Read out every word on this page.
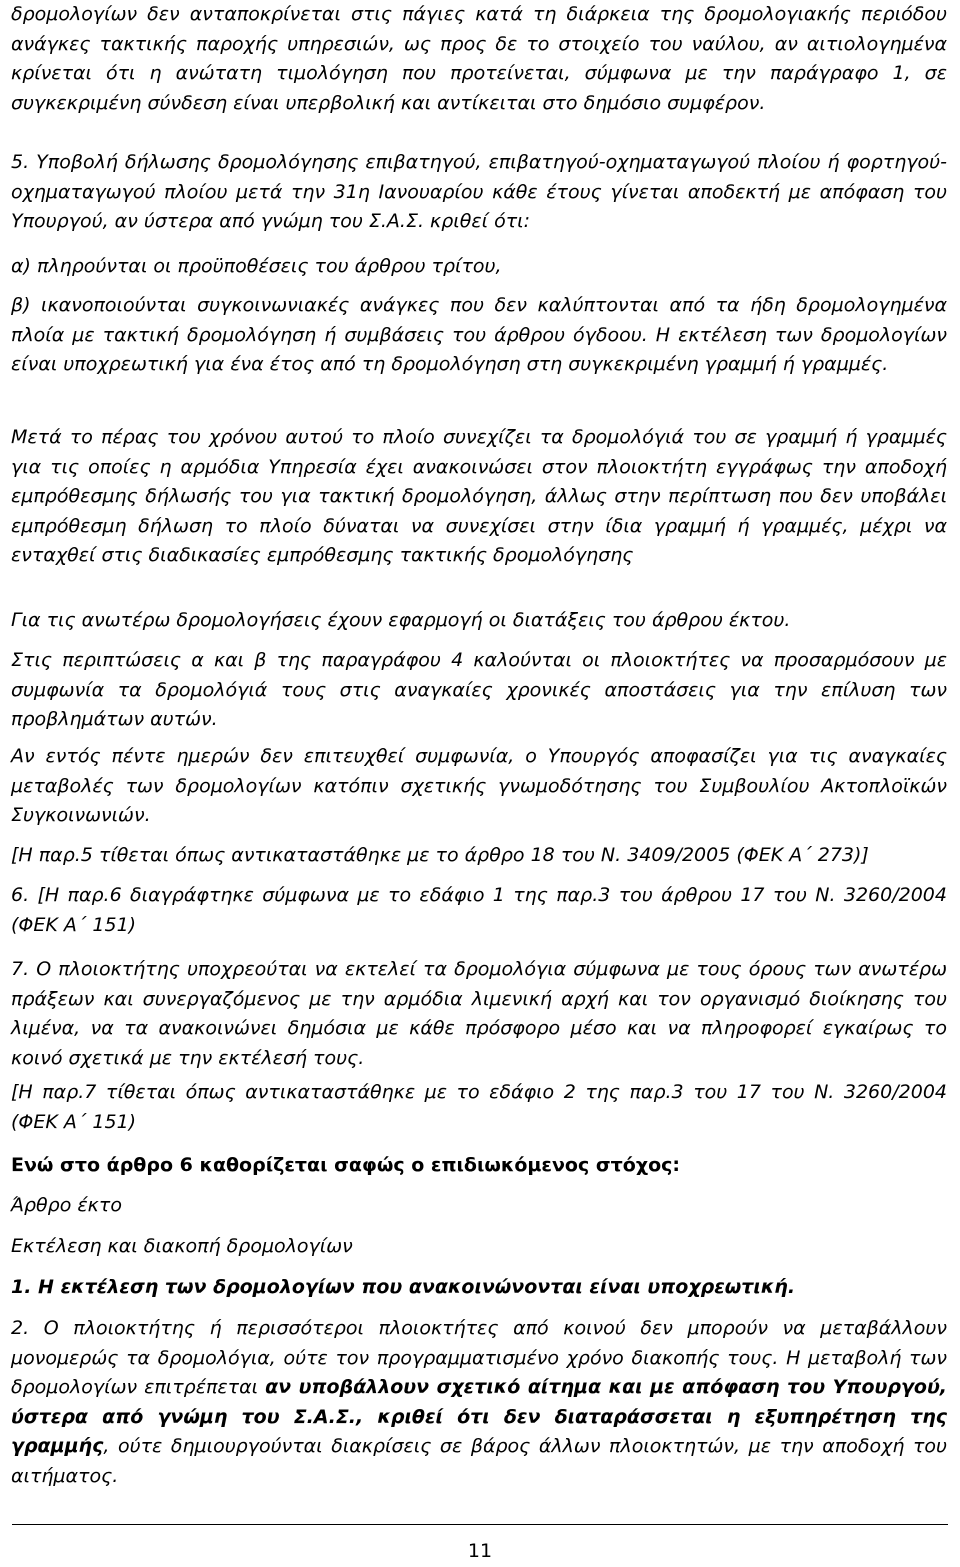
δρομολογίων δεν ανταποκρίνεται στις πάγιες κατά τη διάρκεια της δρομολογιακής περιόδου ανάγκες τακτικής παροχής υπηρεσιών, ως προς δε το στοιχείο του ναύλου, αν αιτιολογημένα κρίνεται ότι η ανώτατη τιμολόγηση που προτείνεται, σύμφωνα με την παράγραφο 1, σε συγκεκριμένη σύνδεση είναι υπερβολική και αντίκειται στο δημόσιο συμφέρον.

5. Υποβολή δήλωσης δρομολόγησης επιβατηγού, επιβατηγού-οχηματαγωγού πλοίου ή φορτηγού-οχηματαγωγού πλοίου μετά την 31η Ιανουαρίου κάθε έτους γίνεται αποδεκτή με απόφαση του Υπουργού, αν ύστερα από γνώμη του Σ.Α.Σ. κριθεί ότι:

α) πληρούνται οι προϋποθέσεις του άρθρου τρίτου,

β) ικανοποιούνται συγκοινωνιακές ανάγκες που δεν καλύπτονται από τα ήδη δρομολογημένα πλοία με τακτική δρομολόγηση ή συμβάσεις του άρθρου όγδοου. Η εκτέλεση των δρομολογίων είναι υποχρεωτική για ένα έτος από τη δρομολόγηση στη συγκεκριμένη γραμμή ή γραμμές.

Μετά το πέρας του χρόνου αυτού το πλοίο συνεχίζει τα δρομολόγιά του σε γραμμή ή γραμμές για τις οποίες η αρμόδια Υπηρεσία έχει ανακοινώσει στον πλοιοκτήτη εγγράφως την αποδοχή εμπρόθεσμης δήλωσής του για τακτική δρομολόγηση, άλλως στην περίπτωση που δεν υποβάλει εμπρόθεσμη δήλωση το πλοίο δύναται να συνεχίσει στην ίδια γραμμή ή γραμμές, μέχρι να ενταχθεί στις διαδικασίες εμπρόθεσμης τακτικής δρομολόγησης

Για τις ανωτέρω δρομολογήσεις έχουν εφαρμογή οι διατάξεις του άρθρου έκτου.

Στις περιπτώσεις α και β της παραγράφου 4 καλούνται οι πλοιοκτήτες να προσαρμόσουν με συμφωνία τα δρομολόγιά τους στις αναγκαίες χρονικές αποστάσεις για την επίλυση των προβλημάτων αυτών.

Αν εντός πέντε ημερών δεν επιτευχθεί συμφωνία, ο Υπουργός αποφασίζει για τις αναγκαίες μεταβολές των δρομολογίων κατόπιν σχετικής γνωμοδότησης του Συμβουλίου Ακτοπλοϊκών Συγκοινωνιών.

[Η παρ.5 τίθεται όπως αντικαταστάθηκε με το άρθρο 18 του Ν. 3409/2005 (ΦΕΚ Α΄ 273)]

6. [Η παρ.6 διαγράφτηκε σύμφωνα με το εδάφιο 1 της παρ.3 του άρθρου 17 του Ν. 3260/2004 (ΦΕΚ Α΄ 151)

7. Ο πλοιοκτήτης υποχρεούται να εκτελεί τα δρομολόγια σύμφωνα με τους όρους των ανωτέρω πράξεων και συνεργαζόμενος με την αρμόδια λιμενική αρχή και τον οργανισμό διοίκησης του λιμένα, να τα ανακοινώνει δημόσια με κάθε πρόσφορο μέσο και να πληροφορεί εγκαίρως το κοινό σχετικά με την εκτέλεσή τους.

[Η παρ.7 τίθεται όπως αντικαταστάθηκε με το εδάφιο 2 της παρ.3 του 17 του Ν. 3260/2004 (ΦΕΚ Α΄ 151)

Ενώ στο άρθρο 6 καθορίζεται σαφώς ο επιδιωκόμενος στόχος:

Άρθρο έκτο

Εκτέλεση και διακοπή δρομολογίων

1. Η εκτέλεση των δρομολογίων που ανακοινώνονται είναι υποχρεωτική.

2. Ο πλοιοκτήτης ή περισσότεροι πλοιοκτήτες από κοινού δεν μπορούν να μεταβάλλουν μονομερώς τα δρομολόγια, ούτε τον προγραμματισμένο χρόνο διακοπής τους. Η μεταβολή των δρομολογίων επιτρέπεται αν υποβάλλουν σχετικό αίτημα και με απόφαση του Υπουργού, ύστερα από γνώμη του Σ.Α.Σ., κριθεί ότι δεν διαταράσσεται η εξυπηρέτηση της γραμμής, ούτε δημιουργούνται διακρίσεις σε βάρος άλλων πλοιοκτητών, με την αποδοχή του αιτήματος.

11
